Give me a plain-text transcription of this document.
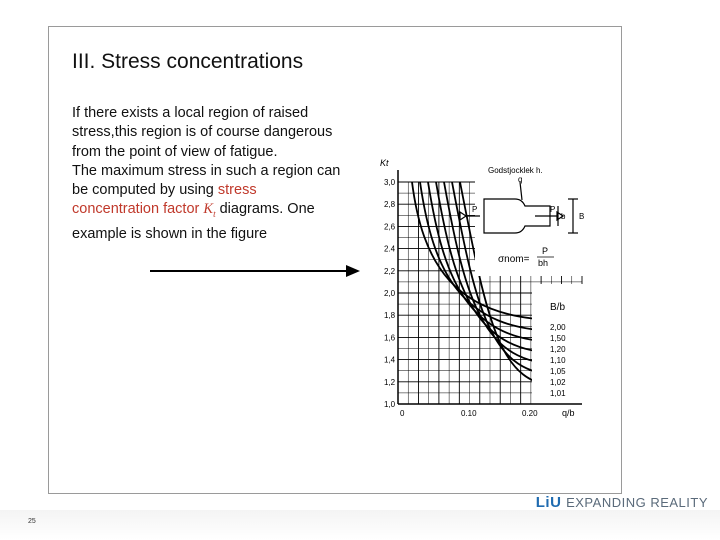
III. Stress concentrations

If there exists a local region of raised stress,this region is of course dangerous from the point of view of fatigue.

The maximum stress in such a region can be computed by using stress concentration factor $K_t$ diagrams. One example is shown in the figure

Kt
3,0
2,8
2,6
2.4
2,2
2,0
1,8
1,6
1,4
1,2
1,0
0	0.10	0.20	q/b
B/b
2,00
1,50
1,20
1,10
1,05
1,02
1,01
Godstjocklek h.
P	P
b B
q
σnom=
P
bh
25
LiU EXPANDING REALITY
